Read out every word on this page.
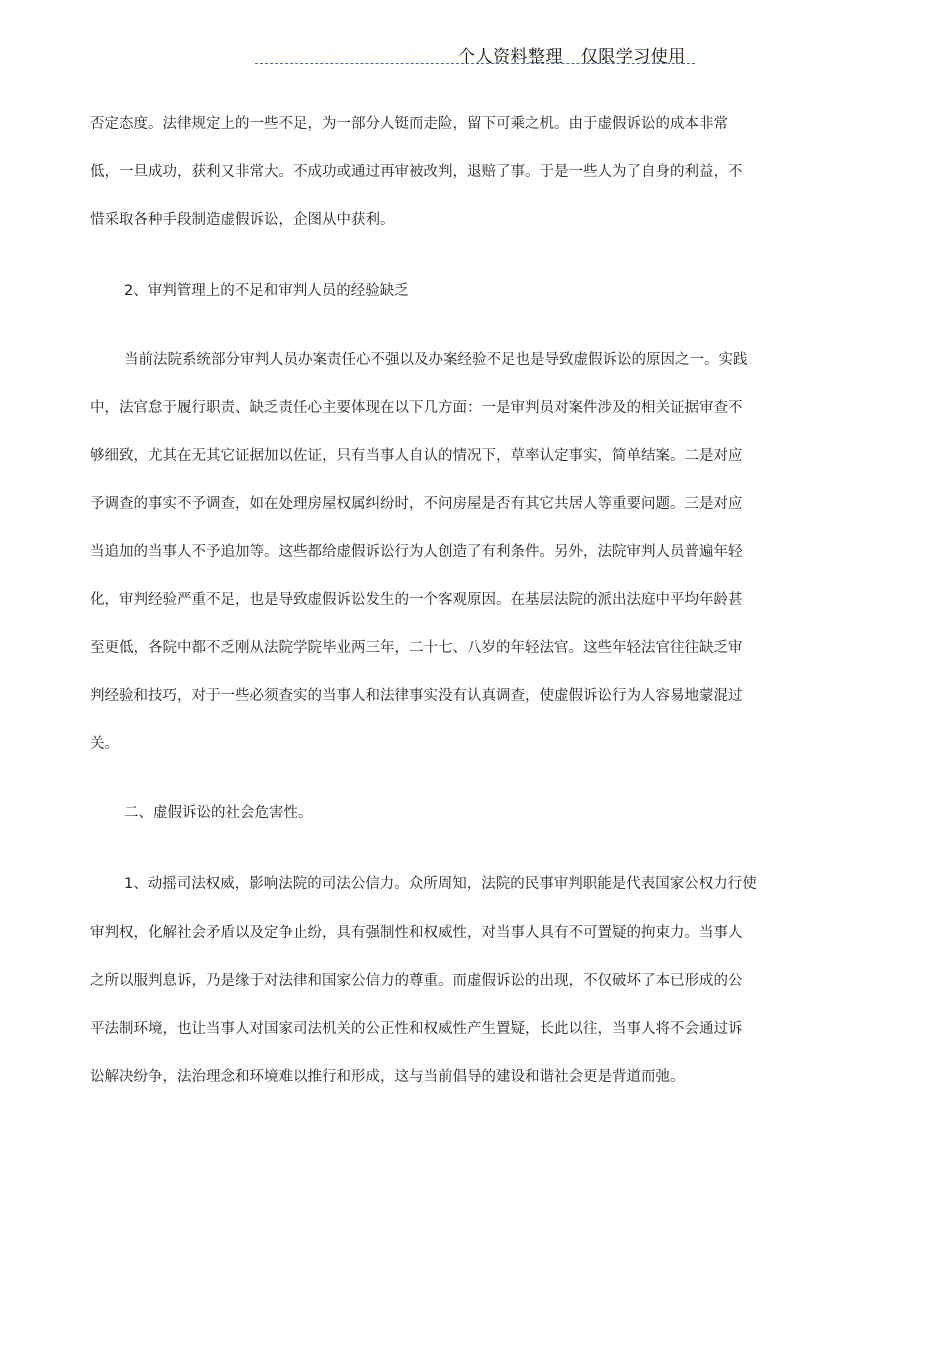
个人资料整理 仅限学习使用
否定态度。法律规定上的一些不足，为一部分人铤而走险，留下可乘之机。由于虚假诉讼的成本非常
低，一旦成功，获利又非常大。不成功或通过再审被改判，退赔了事。于是一些人为了自身的利益，不
惜采取各种手段制造虚假诉讼，企图从中获利。
2、审判管理上的不足和审判人员的经验缺乏
当前法院系统部分审判人员办案责任心不强以及办案经验不足也是导致虚假诉讼的原因之一。实践
中，法官怠于履行职责、缺乏责任心主要体现在以下几方面：一是审判员对案件涉及的相关证据审查不
够细致，尤其在无其它证据加以佐证，只有当事人自认的情况下，草率认定事实，简单结案。二是对应
予调查的事实不予调查，如在处理房屋权属纠纷时，不问房屋是否有其它共居人等重要问题。三是对应
当追加的当事人不予追加等。这些都给虚假诉讼行为人创造了有利条件。另外，法院审判人员普遍年轻
化，审判经验严重不足，也是导致虚假诉讼发生的一个客观原因。在基层法院的派出法庭中平均年龄甚
至更低，各院中都不乏刚从法院学院毕业两三年，二十七、八岁的年轻法官。这些年轻法官往往缺乏审
判经验和技巧，对于一些必须查实的当事人和法律事实没有认真调查，使虚假诉讼行为人容易地蒙混过
关。
二、虚假诉讼的社会危害性。
1、动摇司法权威，影响法院的司法公信力。众所周知，法院的民事审判职能是代表国家公权力行使
审判权，化解社会矛盾以及定争止纷，具有强制性和权威性，对当事人具有不可置疑的拘束力。当事人
之所以服判息诉，乃是缘于对法律和国家公信力的尊重。而虚假诉讼的出现，不仅破坏了本已形成的公
平法制环境，也让当事人对国家司法机关的公正性和权威性产生置疑，长此以往，当事人将不会通过诉
讼解决纷争，法治理念和环境难以推行和形成，这与当前倡导的建设和谐社会更是背道而弛。
